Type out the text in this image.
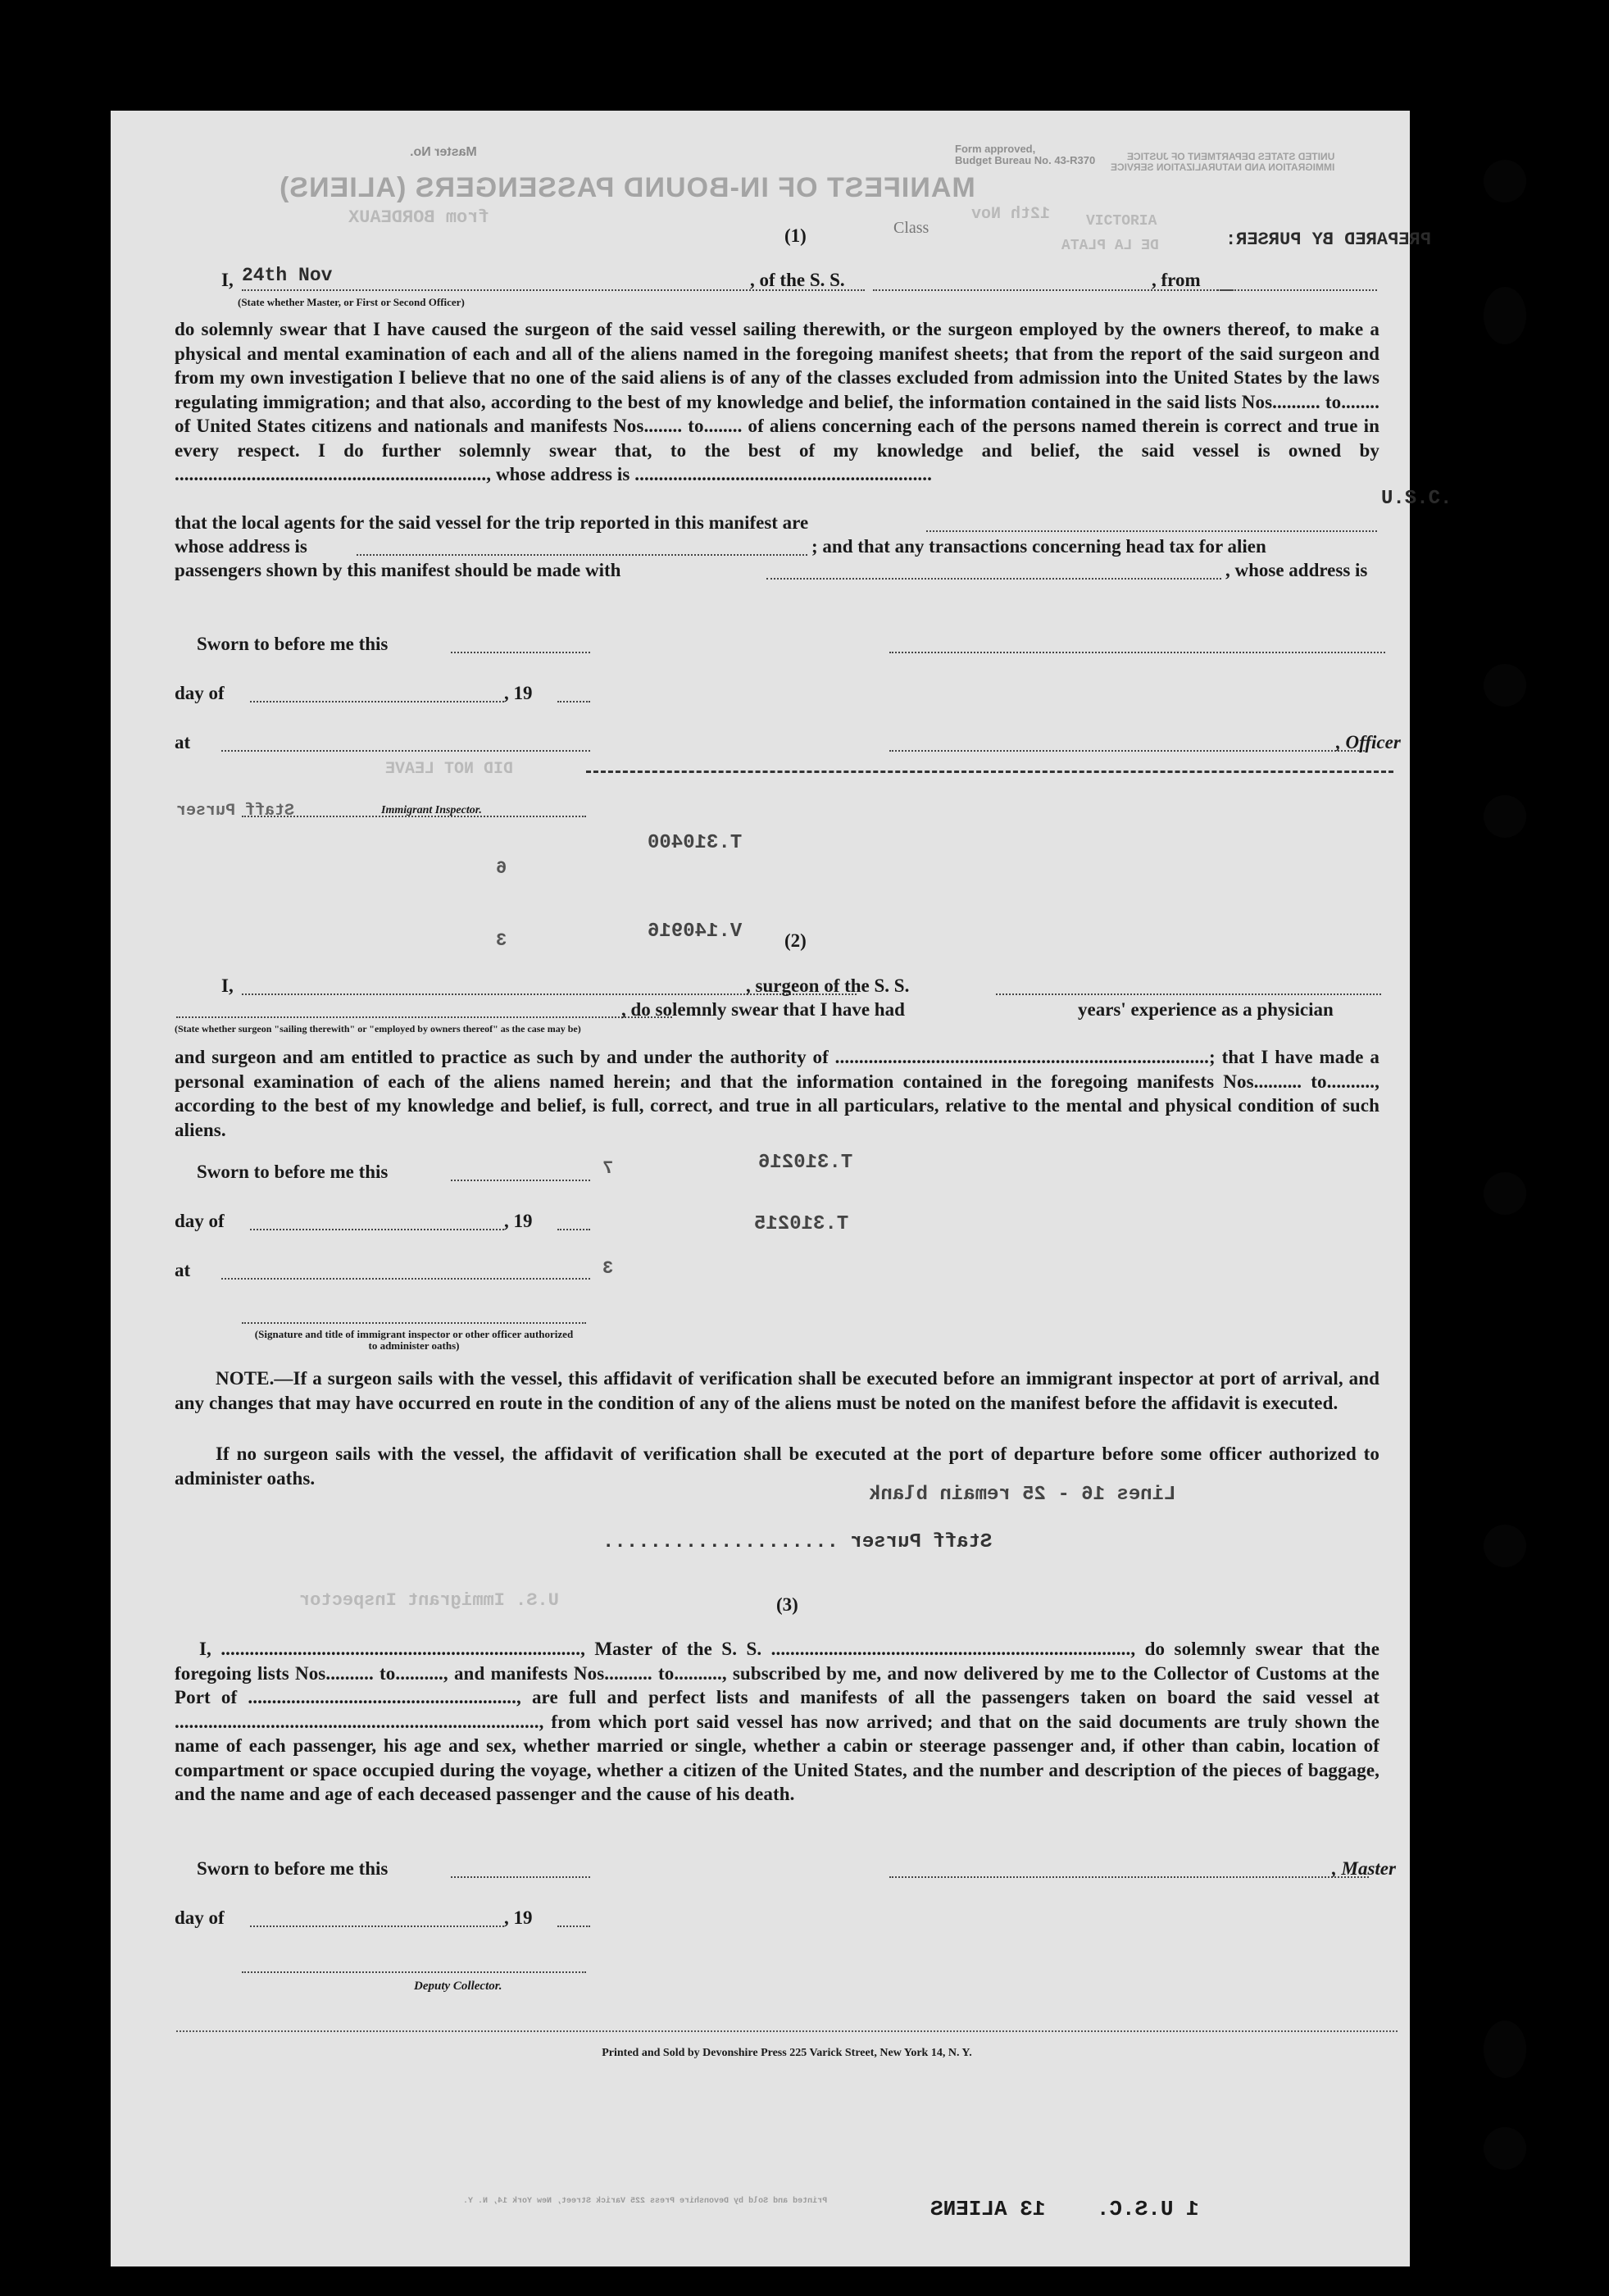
Form approved,
Budget Bureau No. 43-R370	UNITED STATES DEPARTMENT OF JUSTICE
IMMIGRATION AND NATURALIZATION SERVICE
Master No.
MANIFEST OF IN-BOUND PASSENGERS (ALIENS)
from BORDEAUX	Class
12th Nov VICTORIA
DE LA PLATA	PREPARED BY PURSER:
(1)
I, 24th Nov	, of the S. S.	, from
(State whether Master, or First or Second Officer)
do solemnly swear that I have caused the surgeon of the said vessel sailing therewith, or the surgeon employed by the owners thereof, to make a physical and mental examination of each and all of the aliens named in the foregoing manifest sheets; that from the report of the said surgeon and from my own investigation I believe that no one of the said aliens is of any of the classes excluded from admission into the United States by the laws regulating immigration; and that also, according to the best of my knowledge and belief, the information contained in the said lists Nos.......... to........ of United States citizens and nationals and manifests Nos........ to........ of aliens concerning each of the persons named therein is correct and true in every respect. I do further solemnly swear that, to the best of my knowledge and belief, the said vessel is owned by ................................................................., whose address is ..............................................................
that the local agents for the said vessel for the trip reported in this manifest are
U.S.C.
whose address is	; and that any transactions concerning head tax for alien
passengers shown by this manifest should be made with	, whose address is
Sworn to before me this
day of	, 19
at	, Officer
DID NOT LEAVE
Staff Purser	Immigrant Inspector.
T.310400
6
V.140916
3	(2)
I,	, surgeon of the S. S.
, do solemnly swear that I have had	years' experience as a physician
(State whether surgeon "sailing therewith" or "employed by owners thereof" as the case may be)
and surgeon and am entitled to practice as such by and under the authority of ..............................................................................; that I have made a personal examination of each of the aliens named herein; and that the information contained in the foregoing manifests Nos.......... to.........., according to the best of my knowledge and belief, is full, correct, and true in all particulars, relative to the mental and physical condition of such aliens.
T.310216
7
T.310215
3
Sworn to before me this
day of	, 19
at
(Signature and title of immigrant inspector or other officer authorized to administer oaths)
NOTE.—If a surgeon sails with the vessel, this affidavit of verification shall be executed before an immigrant inspector at port of arrival, and any changes that may have occurred en route in the condition of any of the aliens must be noted on the manifest before the affidavit is executed.
If no surgeon sails with the vessel, the affidavit of verification shall be executed at the port of departure before some officer authorized to administer oaths.
Lines 16 - 25 remain blank
Staff Purser ....................
U.S. Immigrant Inspector	(3)
I, ..........................................................................., Master of the S. S. ..........................................................................., do solemnly swear that the foregoing lists Nos.......... to.........., and manifests Nos.......... to.........., subscribed by me, and now delivered by me to the Collector of Customs at the Port of ........................................................, are full and perfect lists and manifests of all the passengers taken on board the said vessel at ............................................................................, from which port said vessel has now arrived; and that on the said documents are truly shown the name of each passenger, his age and sex, whether married or single, whether a cabin or steerage passenger and, if other than cabin, location of compartment or space occupied during the voyage, whether a citizen of the United States, and the number and description of the pieces of baggage, and the name and age of each deceased passenger and the cause of his death.
Sworn to before me this	, Master
day of	, 19
Deputy Collector.
Printed and Sold by Devonshire Press 225 Varick Street, New York 14, N. Y.
Printed and Sold by Devonshire Press 225 Varick Street, New York 14, N. Y.	1 U.S.C.    13 ALIENS
